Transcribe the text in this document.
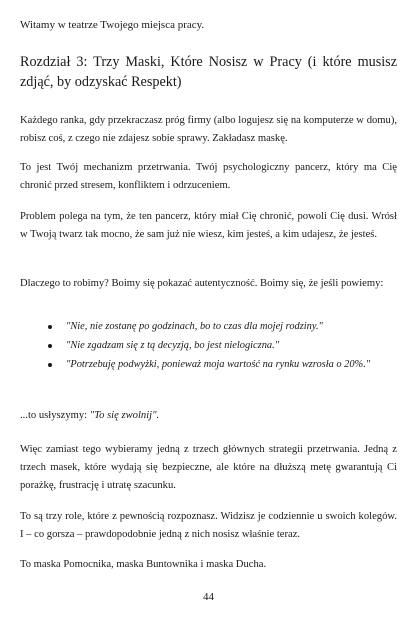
Witamy w teatrze Twojego miejsca pracy.
Rozdział 3: Trzy Maski, Które Nosisz w Pracy (i które musisz zdjąć, by odzyskać Respekt)

Każdego ranka, gdy przekraczasz próg firmy (albo logujesz się na komputerze w domu), robisz coś, z czego nie zdajesz sobie sprawy. Zakładasz maskę.

To jest Twój mechanizm przetrwania. Twój psychologiczny pancerz, który ma Cię chronić przed stresem, konfliktem i odrzuceniem.

Problem polega na tym, że ten pancerz, który miał Cię chronić, powoli Cię dusi. Wrósł w Twoją twarz tak mocno, że sam już nie wiesz, kim jesteś, a kim udajesz, że jesteś.

Dlaczego to robimy? Boimy się pokazać autentyczność. Boimy się, że jeśli powiemy:

"Nie, nie zostanę po godzinach, bo to czas dla mojej rodziny."
"Nie zgadzam się z tą decyzją, bo jest nielogiczna."
"Potrzebuję podwyżki, ponieważ moja wartość na rynku wzrosła o 20%."

...to usłyszymy: "To się zwolnij".

Więc zamiast tego wybieramy jedną z trzech głównych strategii przetrwania. Jedną z trzech masek, które wydają się bezpieczne, ale które na dłuższą metę gwarantują Ci porażkę, frustrację i utratę szacunku.

To są trzy role, które z pewnością rozpoznasz. Widzisz je codziennie u swoich kolegów. I – co gorsza – prawdopodobnie jedną z nich nosisz właśnie teraz.

To maska Pomocnika, maska Buntownika i maska Ducha.

44
